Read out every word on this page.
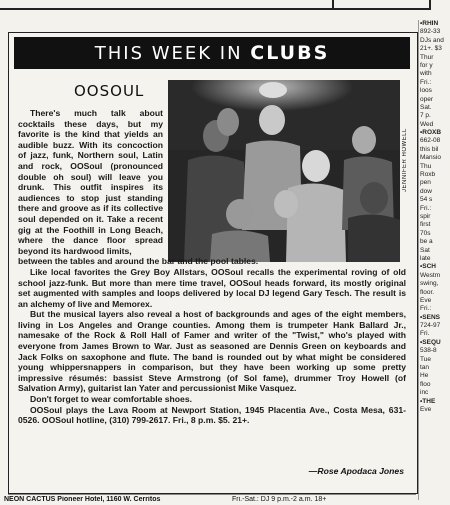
THIS WEEK IN CLUBS
OOSOUL
JENNIFER HOWELL

There's much talk about cocktails these days, but my favorite is the kind that yields an audible buzz. With its concoction of jazz, funk, Northern soul, Latin and rock, OOSoul (pronounced double oh soul) will leave you drunk. This outfit inspires its audiences to stop just standing there and groove as if its collective soul depended on it. Take a recent gig at the Foothill in Long Beach, where the dance floor spread beyond its hardwood limits,

between the tables and around the bar and the pool tables.

Like local favorites the Grey Boy Allstars, OOSoul recalls the experimental roving of old school jazz-funk. But more than mere time travel, OOSoul heads forward, its mostly original set augmented with samples and loops delivered by local DJ legend Gary Tesch. The result is an alchemy of live and Memorex.

But the musical layers also reveal a host of backgrounds and ages of the eight members, living in Los Angeles and Orange counties. Among them is trumpeter Hank Ballard Jr., namesake of the Rock & Roll Hall of Famer and writer of the "Twist," who's played with everyone from James Brown to War. Just as seasoned are Dennis Green on keyboards and Jack Folks on saxophone and flute. The band is rounded out by what might be considered young whippersnappers in comparison, but they have been working up some pretty impressive résumés: bassist Steve Armstrong (of Sol fame), drummer Troy Howell (of Salvation Army), guitarist Ian Yater and percussionist Mike Vasquez.

Don't forget to wear comfortable shoes.

OOSoul plays the Lava Room at Newport Station, 1945 Placentia Ave., Costa Mesa, 631-0526. OOSoul hotline, (310) 799-2617. Fri., 8 p.m. $5. 21+.

—Rose Apodaca Jones
NEON CACTUS Pioneer Hotel, 1160 W. Cerritos	Fri.-Sat.: DJ 9 p.m.-2 a.m. 18+
•RHIN
892-33
DJs and
21+. $3
Thur
for y
with
Fri.:
loos
oper
Sat.
7 p.
Wed
•ROXB
662-08
this bil
Mansio
Thu
Roxb
pen
dow
54 s
Fri.:
spir
first
70s
be a
Sat
late
•SCH
Westm
swing,
floor.
Eve
Fri.:
•SENS
724-97
Fri.
•SEQU
538-8
Tue
tan
He
floo
inc
•THE
Eve
